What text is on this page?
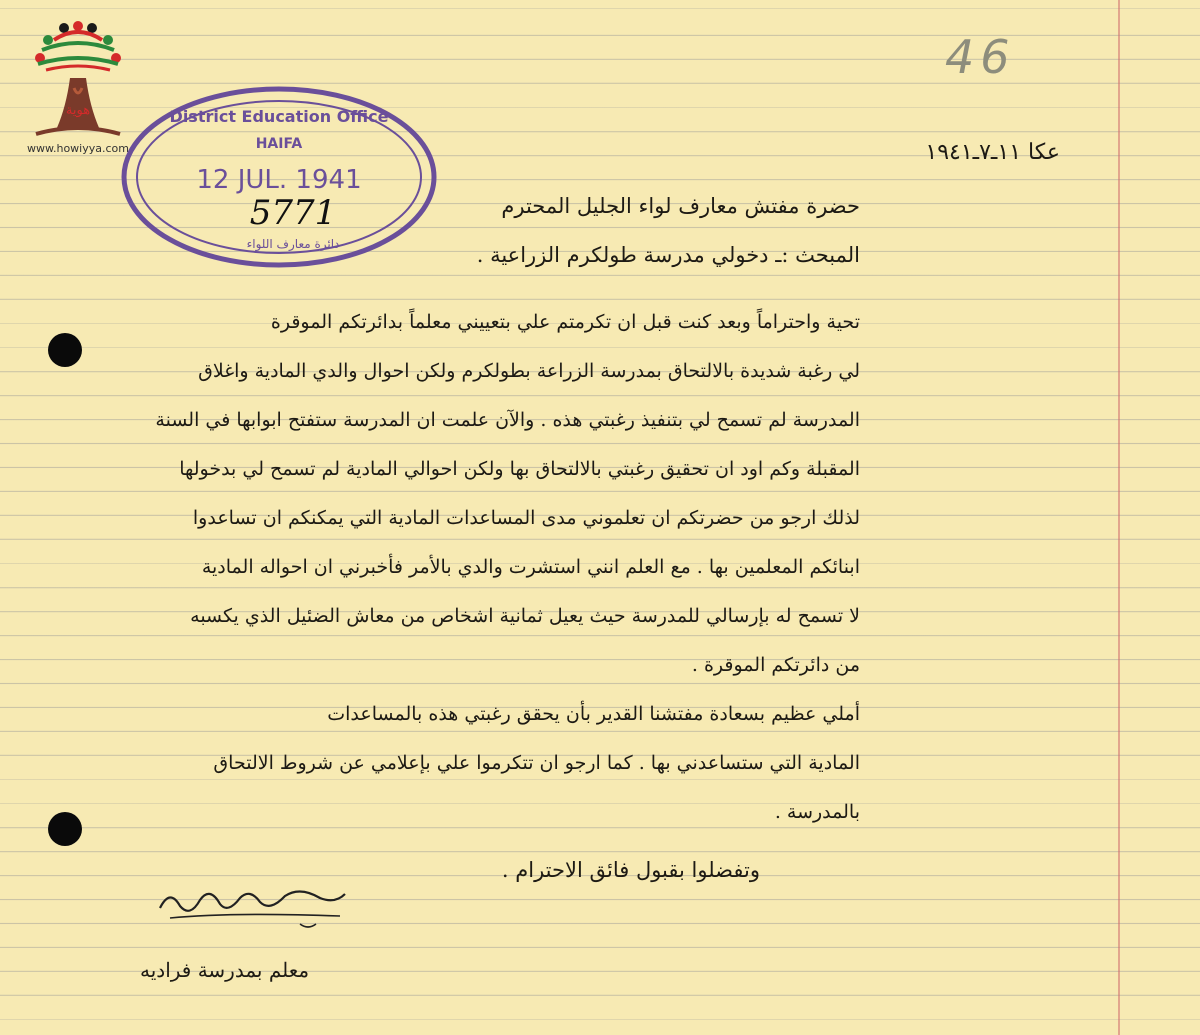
هوية
www.howiyya.com
46
عكا ١١ـ٧ـ١٩٤١
District Education Office
HAIFA
12 JUL. 1941
5771
دائرة معارف اللواء
حضرة مفتش معارف لواء الجليل المحترم
المبحث :ـ دخولي مدرسة طولكرم الزراعية .
تحية واحتراماً وبعد كنت قبل ان تكرمتم علي بتعييني معلماً بدائرتكم الموقرة
لي رغبة شديدة بالالتحاق بمدرسة الزراعة بطولكرم ولكن احوال والدي المادية واغلاق
المدرسة لم تسمح لي بتنفيذ رغبتي هذه . والآن علمت ان المدرسة ستفتح ابوابها في السنة
المقبلة وكم اود ان تحقيق رغبتي بالالتحاق بها ولكن احوالي المادية لم تسمح لي بدخولها
لذلك ارجو من حضرتكم ان تعلموني مدى المساعدات المادية التي يمكنكم ان تساعدوا
ابنائكم المعلمين بها . مع العلم انني استشرت والدي بالأمر فأخبرني ان احواله المادية
لا تسمح له بإرسالي للمدرسة حيث يعيل ثمانية اشخاص من معاش الضئيل الذي يكسبه
من دائرتكم الموقرة .
أملي عظيم بسعادة مفتشنا القدير بأن يحقق رغبتي هذه بالمساعدات
المادية التي ستساعدني بها . كما ارجو ان تتكرموا علي بإعلامي عن شروط الالتحاق
بالمدرسة .
وتفضلوا بقبول فائق الاحترام .
معلم بمدرسة فراديه
